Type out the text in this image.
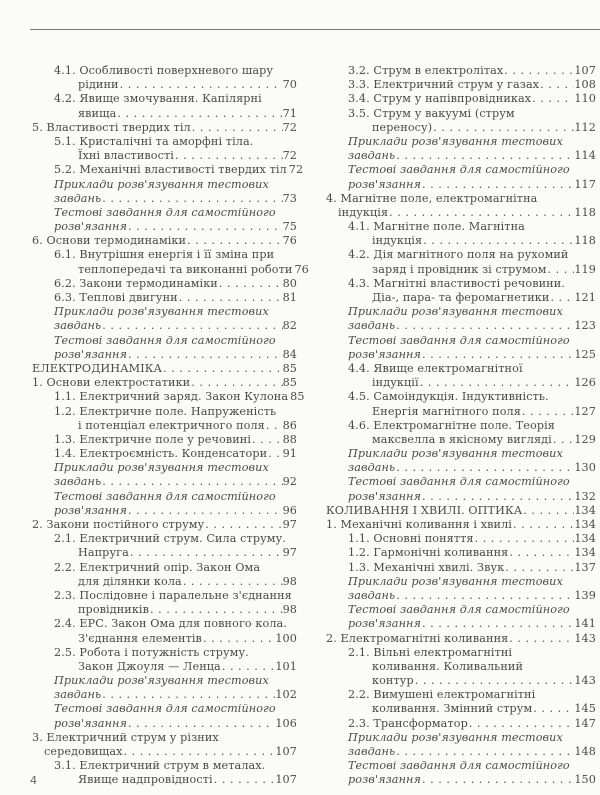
4.1. Особливості поверхневого шару
рідини . . .	70
4.2. Явище змочування. Капілярні
явища . . .	71
5. Властивості твердих тіл . . .	72
5.1. Кристалічні та аморфні тіла.
Їхні властивості . . .	72
5.2. Механічні властивості твердих тіл . . . 72
Приклади розв'язування тестових
завдань . . .	73
Тестові завдання для самостійного
розв'язання . . .	75
6. Основи термодинаміки . . .	76
6.1. Внутрішня енергія і її зміна при
теплопередачі та виконанні роботи . . . 76
6.2. Закони термодинаміки . . .	80
6.3. Теплові двигуни . . .	81
Приклади розв'язування тестових
завдань . . .	82
Тестові завдання для самостійного
розв'язання . . .	84
ЕЛЕКТРОДИНАМІКА . . .	85
1. Основи електростатики . . .	85
1.1. Електричний заряд. Закон Кулона . . . 85
1.2. Електричне поле. Напруженість
і потенціал електричного поля . . . 86
1.3. Електричне поле у речовині . . .	88
1.4. Електроємність. Конденсатори . . . 91
Приклади розв'язування тестових
завдань . . .	92
Тестові завдання для самостійного
розв'язання . . .	96
2. Закони постійного струму . . .	97
2.1. Електричний струм. Сила струму.
Напруга . . .	97
2.2. Електричний опір. Закон Ома
для ділянки кола . . .	98
2.3. Послідовне і паралельне з'єднання
провідників . . .	98
2.4. ЕРС. Закон Ома для повного кола.
З'єднання елементів . . .	100
2.5. Робота і потужність струму.
Закон Джоуля — Ленца . . .	101
Приклади розв'язування тестових
завдань . . .	102
Тестові завдання для самостійного
розв'язання . . .	106
3. Електричний струм у різних
середовищах . . .	107
3.1. Електричний струм в металах.
Явище надпровідності . . .	107
3.2. Струм в електролітах . . .	107
3.3. Електричний струм у газах . . .	108
3.4. Струм у напівпровідниках . . .	110
3.5. Струм у вакуумі (струм
переносу) . . .	112
Приклади розв'язування тестових
завдань . . .	114
Тестові завдання для самостійного
розв'язання . . .	117
4. Магнітне поле, електромагнітна
індукція . . .	118
4.1. Магнітне поле. Магнітна
індукція . . .	118
4.2. Дія магнітного поля на рухомий
заряд і провідник зі струмом . . . 119
4.3. Магнітні властивості речовини.
Діа-, пара- та феромагнетики . . . 121
Приклади розв'язування тестових
завдань . . .	123
Тестові завдання для самостійного
розв'язання . . .	125
4.4. Явище електромагнітної
індукції . . .	126
4.5. Самоіндукція. Індуктивність.
Енергія магнітного поля . . .	127
4.6. Електромагнітне поле. Теорія
максвелла в якісному вигляді . . . 129
Приклади розв'язування тестових
завдань . . .	130
Тестові завдання для самостійного
розв'язання . . .	132
КОЛИВАННЯ І ХВИЛІ. ОПТИКА . . .	134
1. Механічні коливання і хвилі . . .	134
1.1. Основні поняття . . .	134
1.2. Гармонічні коливання . . .	134
1.3. Механічні хвилі. Звук . . .	137
Приклади розв'язування тестових
завдань . . .	139
Тестові завдання для самостійного
розв'язання . . .	141
2. Електромагнітні коливання . . .	143
2.1. Вільні електромагнітні
коливання. Коливальний
контур . . .	143
2.2. Вимушені електромагнітні
коливання. Змінний струм . . .	145
2.3. Трансформатор . . .	147
Приклади розв'язування тестових
завдань . . .	148
Тестові завдання для самостійного
розв'язання . . .	150
4
